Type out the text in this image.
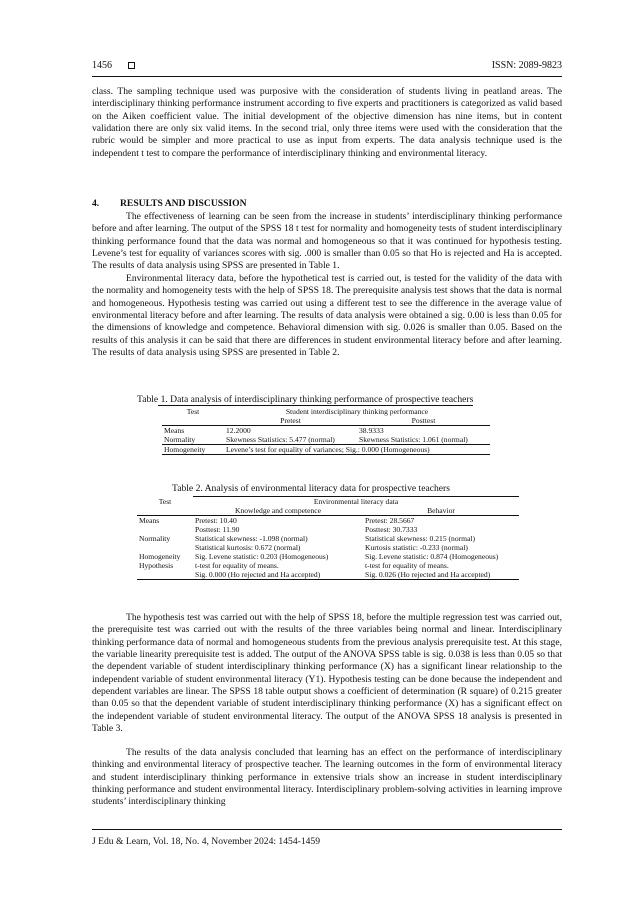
1456	ISSN: 2089-9823

class. The sampling technique used was purposive with the consideration of students living in peatland areas. The interdisciplinary thinking performance instrument according to five experts and practitioners is categorized as valid based on the Aiken coefficient value. The initial development of the objective dimension has nine items, but in content validation there are only six valid items. In the second trial, only three items were used with the consideration that the rubric would be simpler and more practical to use as input from experts. The data analysis technique used is the independent t test to compare the performance of interdisciplinary thinking and environmental literacy.

4. RESULTS AND DISCUSSION

The effectiveness of learning can be seen from the increase in students’ interdisciplinary thinking performance before and after learning. The output of the SPSS 18 t test for normality and homogeneity tests of student interdisciplinary thinking performance found that the data was normal and homogeneous so that it was continued for hypothesis testing. Levene’s test for equality of variances scores with sig. .000 is smaller than 0.05 so that Ho is rejected and Ha is accepted. The results of data analysis using SPSS are presented in Table 1.

Environmental literacy data, before the hypothetical test is carried out, is tested for the validity of the data with the normality and homogeneity tests with the help of SPSS 18. The prerequisite analysis test shows that the data is normal and homogeneous. Hypothesis testing was carried out using a different test to see the difference in the average value of environmental literacy before and after learning. The results of data analysis were obtained a sig. 0.00 is less than 0.05 for the dimensions of knowledge and competence. Behavioral dimension with sig. 0.026 is smaller than 0.05. Based on the results of this analysis it can be said that there are differences in student environmental literacy before and after learning. The results of data analysis using SPSS are presented in Table 2.

Table 1. Data analysis of interdisciplinary thinking performance of prospective teachers
Test	Student interdisciplinary thinking performance	
	Pretest	Posttest
Means	12.2000	38.9333
Normality	Skewness Statistics: 5.477 (normal)	Skewness Statistics: 1.061 (normal)
Homogeneity	Levene’s test for equality of variances; Sig.: 0.000 (Homogeneous)	
Table 2. Analysis of environmental literacy data for prospective teachers
Test	Environmental literacy data	
	Knowledge and competence	Behavior
Means	Pretest: 10.40	Pretest: 28.5667
	Posttest: 11.90	Posttest: 30.7333
Normality	Statistical skewness: -1.098 (normal)	Statistical skewness: 0.215 (normal)
	Statistical kurtosis: 0.672 (normal)	Kurtosis statistic: -0.233 (normal)
Homogeneity	Sig. Levene statistic: 0.203 (Homogeneous)	Sig. Levene statistic: 0.874 (Homogeneous)
Hypothesis	t-test for equality of means.	t-test for equality of means.
	Sig. 0.000 (Ho rejected and Ha accepted)	Sig. 0.026 (Ho rejected and Ha accepted)

The hypothesis test was carried out with the help of SPSS 18, before the multiple regression test was carried out, the prerequisite test was carried out with the results of the three variables being normal and linear. Interdisciplinary thinking performance data of normal and homogeneous students from the previous analysis prerequisite test. At this stage, the variable linearity prerequisite test is added. The output of the ANOVA SPSS table is sig. 0.038 is less than 0.05 so that the dependent variable of student interdisciplinary thinking performance (X) has a significant linear relationship to the independent variable of student environmental literacy (Y1). Hypothesis testing can be done because the independent and dependent variables are linear. The SPSS 18 table output shows a coefficient of determination (R square) of 0.215 greater than 0.05 so that the dependent variable of student interdisciplinary thinking performance (X) has a significant effect on the independent variable of student environmental literacy. The output of the ANOVA SPSS 18 analysis is presented in Table 3.

The results of the data analysis concluded that learning has an effect on the performance of interdisciplinary thinking and environmental literacy of prospective teacher. The learning outcomes in the form of environmental literacy and student interdisciplinary thinking performance in extensive trials show an increase in student interdisciplinary thinking performance and student environmental literacy. Interdisciplinary problem-solving activities in learning improve students’ interdisciplinary thinking

J Edu & Learn, Vol. 18, No. 4, November 2024: 1454-1459
